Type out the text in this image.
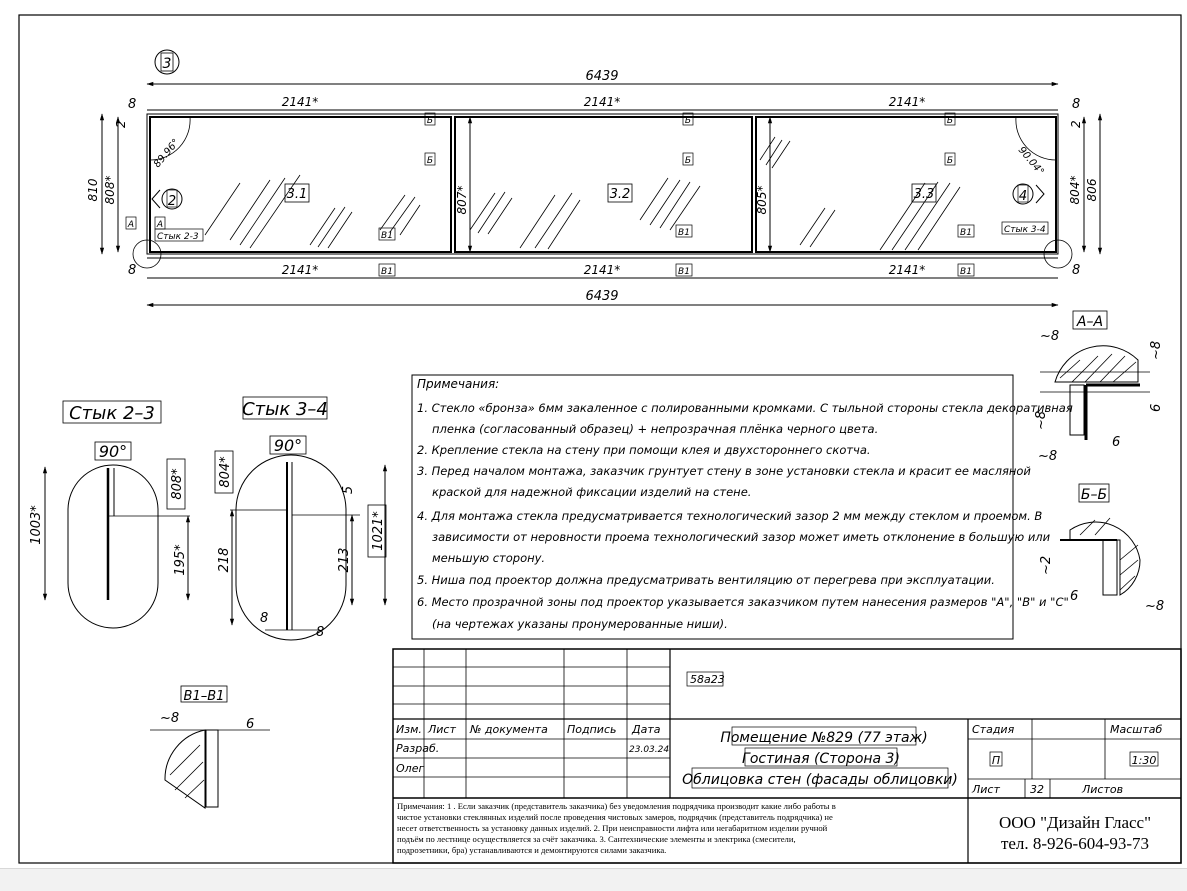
3
6439
6439
2141*	2141*	2141*
2141*	2141*	2141*
8	8
8	8
2	2
3.1	3.2	3.3
810 808*	804* 806
807*	805*
89.96°	90.04°
2	4
Стык 2-3
Стык 3-4
Б
Б
Б
Б
Б
Б
А	А
В1
В1
В1
В1
В1
В1
Стык 2–3
90°
1003*
808*
195*
Стык 3–4
90°
804*
218	213
5
1021*
8
8
А–А
~8
~8
~8
~8
6
6
Б–Б
~2
6
~8
В1–В1
~8	6
Примечания:
1. Стекло «бронза» 6мм закаленное с полированными кромками. С тыльной стороны стекла декоративная
пленка (согласованный образец) + непрозрачная плёнка черного цвета.
2. Крепление стекла на стену при помощи клея и двухстороннего скотча.
3. Перед началом монтажа, заказчик грунтует стену в зоне установки стекла и красит ее масляной
краской для надежной фиксации изделий на стене.
4. Для монтажа стекла предусматривается технологический зазор 2 мм между стеклом и проемом. В
зависимости от неровности проема технологический зазор может иметь отклонение в большую или
меньшую сторону.
5. Ниша под проектор должна предусматривать вентиляцию от перегрева при эксплуатации.
6. Место прозрачной зоны под проектор указывается заказчиком путем нанесения размеров "А", "В" и "С"
(на чертежах указаны пронумерованные ниши).
58а23
Изм. Лист № документа Подпись Дата
Разраб.
Олег
23.03.24
Помещение №829 (77 этаж)
Гостиная (Сторона 3)
Облицовка стен (фасады облицовки)
Стадия	Масштаб
П	1:30
Лист	32	Листов
Примечания: 1 . Если заказчик (представитель заказчика) без уведомления подрядчика производит какие либо работы в
чистое установки стеклянных изделий после проведения чистовых замеров, подрядчик (представитель подрядчика) не
несет ответственность за установку данных изделий. 2. При неисправности лифта или негабаритном изделии ручной
подъём по лестнице осуществляется за счёт заказчика. 3. Сантехнические элементы и электрика (смесители,
подрозетники, бра) устанавливаются и демонтируются силами заказчика.
ООО "Дизайн Гласс"
тел. 8-926-604-93-73
